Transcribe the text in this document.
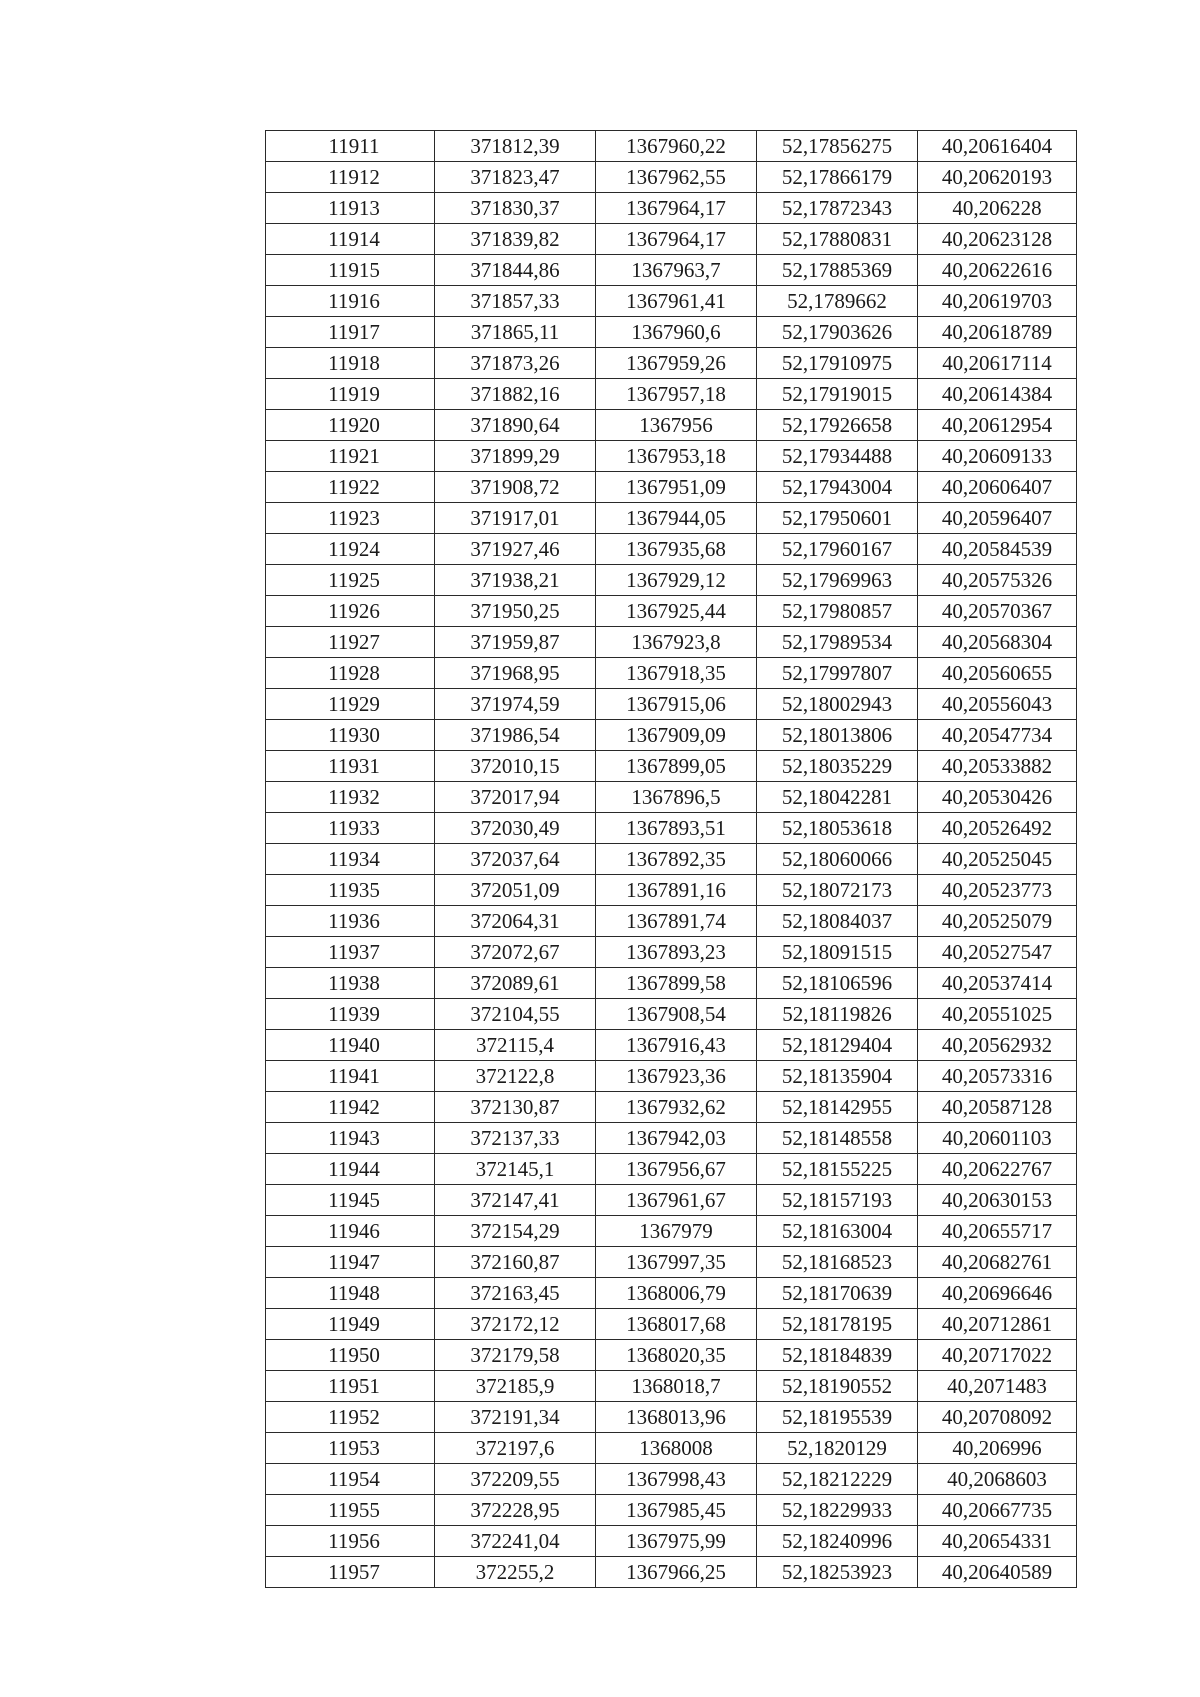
11911	371812,39	1367960,22	52,17856275	40,20616404
11912	371823,47	1367962,55	52,17866179	40,20620193
11913	371830,37	1367964,17	52,17872343	40,206228
11914	371839,82	1367964,17	52,17880831	40,20623128
11915	371844,86	1367963,7	52,17885369	40,20622616
11916	371857,33	1367961,41	52,1789662	40,20619703
11917	371865,11	1367960,6	52,17903626	40,20618789
11918	371873,26	1367959,26	52,17910975	40,20617114
11919	371882,16	1367957,18	52,17919015	40,20614384
11920	371890,64	1367956	52,17926658	40,20612954
11921	371899,29	1367953,18	52,17934488	40,20609133
11922	371908,72	1367951,09	52,17943004	40,20606407
11923	371917,01	1367944,05	52,17950601	40,20596407
11924	371927,46	1367935,68	52,17960167	40,20584539
11925	371938,21	1367929,12	52,17969963	40,20575326
11926	371950,25	1367925,44	52,17980857	40,20570367
11927	371959,87	1367923,8	52,17989534	40,20568304
11928	371968,95	1367918,35	52,17997807	40,20560655
11929	371974,59	1367915,06	52,18002943	40,20556043
11930	371986,54	1367909,09	52,18013806	40,20547734
11931	372010,15	1367899,05	52,18035229	40,20533882
11932	372017,94	1367896,5	52,18042281	40,20530426
11933	372030,49	1367893,51	52,18053618	40,20526492
11934	372037,64	1367892,35	52,18060066	40,20525045
11935	372051,09	1367891,16	52,18072173	40,20523773
11936	372064,31	1367891,74	52,18084037	40,20525079
11937	372072,67	1367893,23	52,18091515	40,20527547
11938	372089,61	1367899,58	52,18106596	40,20537414
11939	372104,55	1367908,54	52,18119826	40,20551025
11940	372115,4	1367916,43	52,18129404	40,20562932
11941	372122,8	1367923,36	52,18135904	40,20573316
11942	372130,87	1367932,62	52,18142955	40,20587128
11943	372137,33	1367942,03	52,18148558	40,20601103
11944	372145,1	1367956,67	52,18155225	40,20622767
11945	372147,41	1367961,67	52,18157193	40,20630153
11946	372154,29	1367979	52,18163004	40,20655717
11947	372160,87	1367997,35	52,18168523	40,20682761
11948	372163,45	1368006,79	52,18170639	40,20696646
11949	372172,12	1368017,68	52,18178195	40,20712861
11950	372179,58	1368020,35	52,18184839	40,20717022
11951	372185,9	1368018,7	52,18190552	40,2071483
11952	372191,34	1368013,96	52,18195539	40,20708092
11953	372197,6	1368008	52,1820129	40,206996
11954	372209,55	1367998,43	52,18212229	40,2068603
11955	372228,95	1367985,45	52,18229933	40,20667735
11956	372241,04	1367975,99	52,18240996	40,20654331
11957	372255,2	1367966,25	52,18253923	40,20640589
